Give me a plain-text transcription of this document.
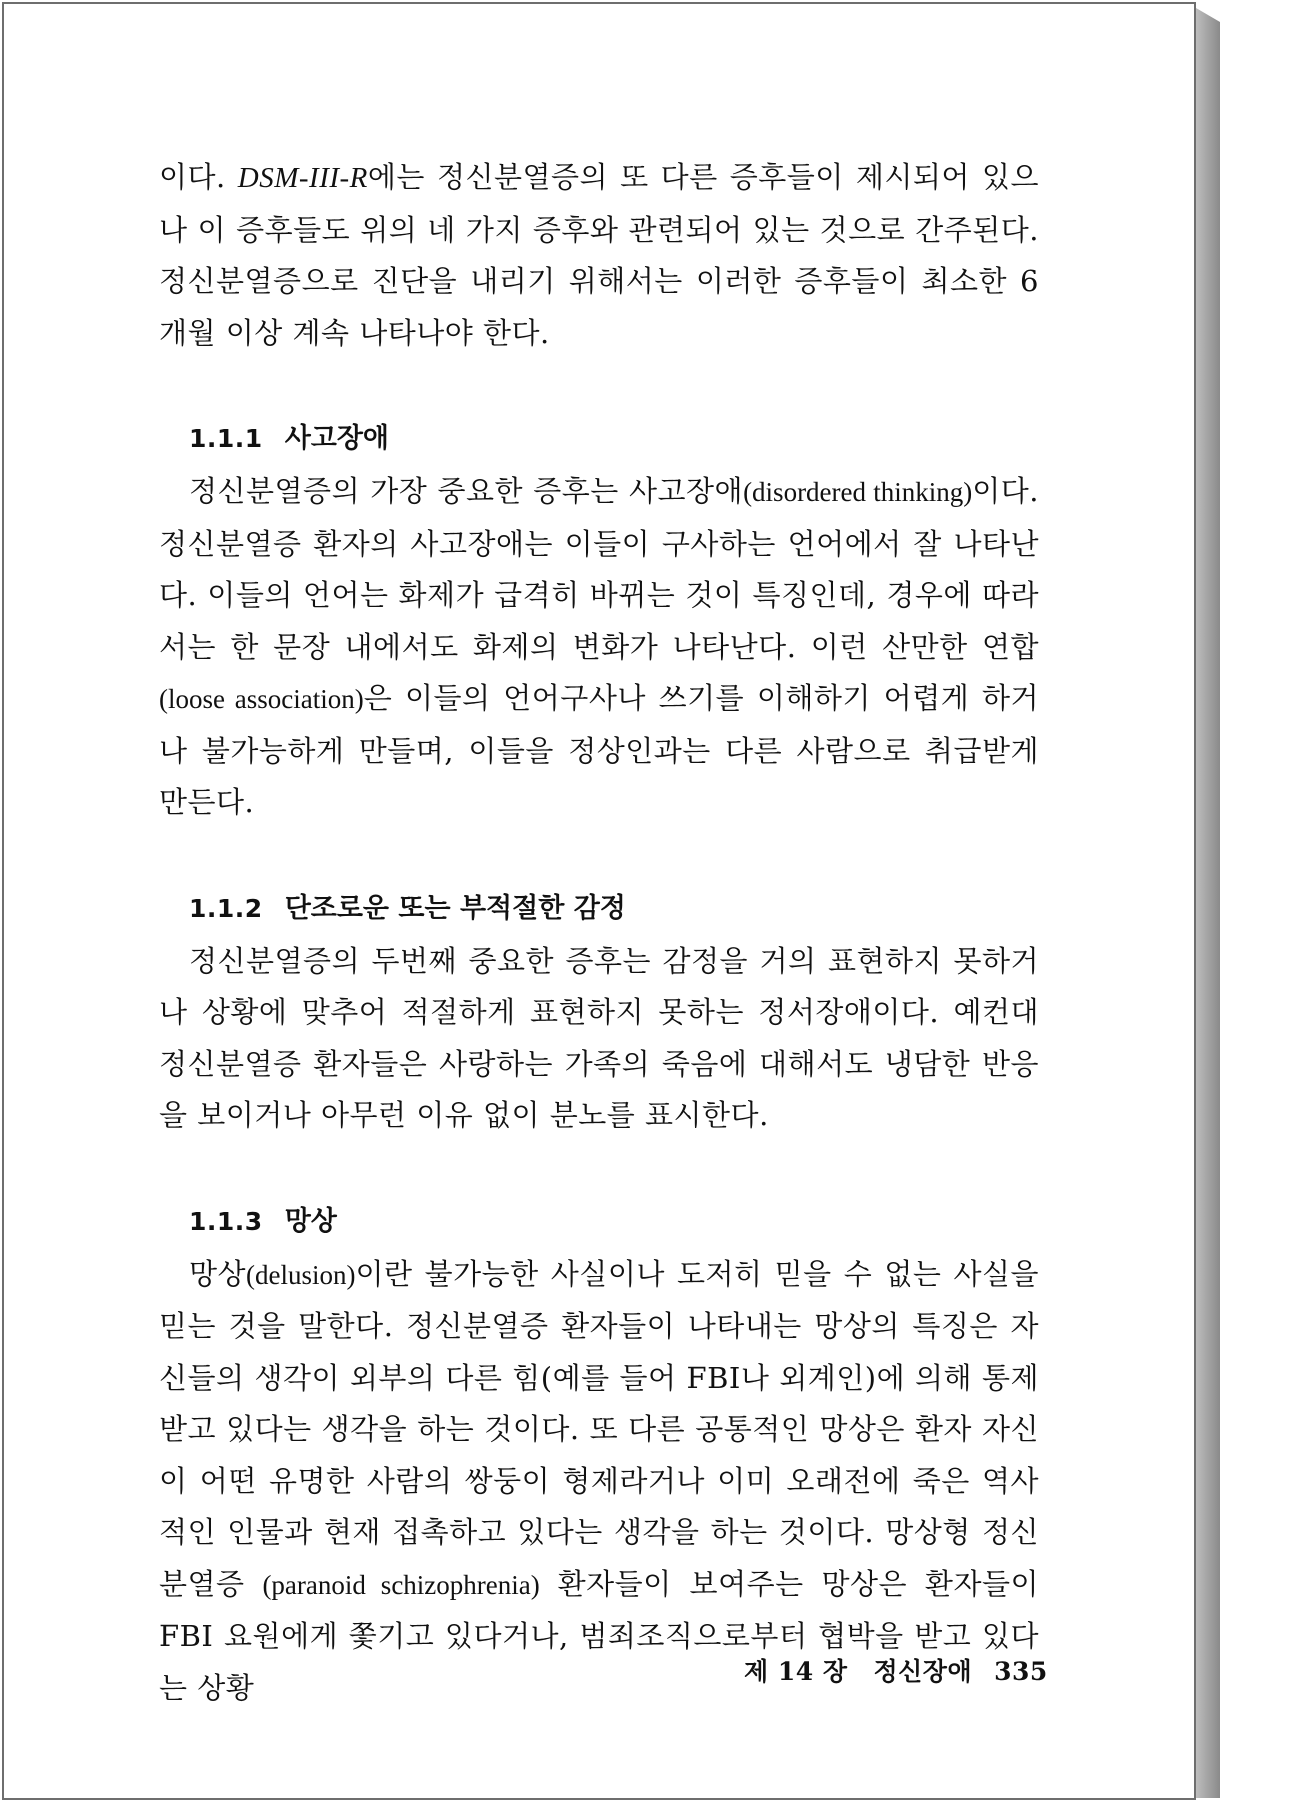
이다. DSM-III-R에는 정신분열증의 또 다른 증후들이 제시되어 있으나 이 증후들도 위의 네 가지 증후와 관련되어 있는 것으로 간주된다. 정신분열증으로 진단을 내리기 위해서는 이러한 증후들이 최소한 6개월 이상 계속 나타나야 한다.

1.1.1 사고장애

정신분열증의 가장 중요한 증후는 사고장애(disordered thinking)이다. 정신분열증 환자의 사고장애는 이들이 구사하는 언어에서 잘 나타난다. 이들의 언어는 화제가 급격히 바뀌는 것이 특징인데, 경우에 따라서는 한 문장 내에서도 화제의 변화가 나타난다. 이런 산만한 연합 (loose association)은 이들의 언어구사나 쓰기를 이해하기 어렵게 하거나 불가능하게 만들며, 이들을 정상인과는 다른 사람으로 취급받게 만든다.

1.1.2 단조로운 또는 부적절한 감정

정신분열증의 두번째 중요한 증후는 감정을 거의 표현하지 못하거나 상황에 맞추어 적절하게 표현하지 못하는 정서장애이다. 예컨대 정신분열증 환자들은 사랑하는 가족의 죽음에 대해서도 냉담한 반응을 보이거나 아무런 이유 없이 분노를 표시한다.

1.1.3 망상

망상(delusion)이란 불가능한 사실이나 도저히 믿을 수 없는 사실을 믿는 것을 말한다. 정신분열증 환자들이 나타내는 망상의 특징은 자신들의 생각이 외부의 다른 힘(예를 들어 FBI나 외계인)에 의해 통제받고 있다는 생각을 하는 것이다. 또 다른 공통적인 망상은 환자 자신이 어떤 유명한 사람의 쌍둥이 형제라거나 이미 오래전에 죽은 역사적인 인물과 현재 접촉하고 있다는 생각을 하는 것이다. 망상형 정신분열증 (paranoid schizophrenia) 환자들이 보여주는 망상은 환자들이 FBI 요원에게 쫓기고 있다거나, 범죄조직으로부터 협박을 받고 있다는 상황	제 14 장 정신장애 335
